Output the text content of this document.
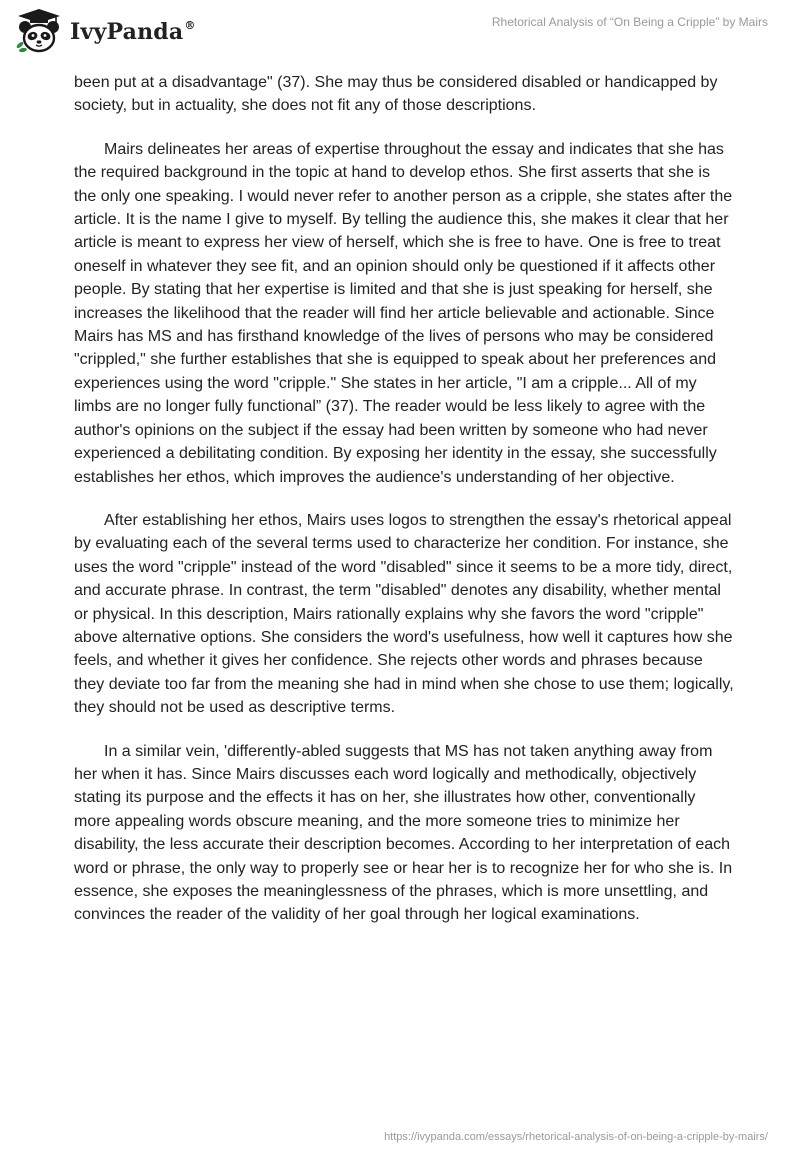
IvyPanda®	Rhetorical Analysis of “On Being a Cripple” by Mairs

been put at a disadvantage" (37). She may thus be considered disabled or handicapped by society, but in actuality, she does not fit any of those descriptions.

Mairs delineates her areas of expertise throughout the essay and indicates that she has the required background in the topic at hand to develop ethos. She first asserts that she is the only one speaking. I would never refer to another person as a cripple, she states after the article. It is the name I give to myself. By telling the audience this, she makes it clear that her article is meant to express her view of herself, which she is free to have. One is free to treat oneself in whatever they see fit, and an opinion should only be questioned if it affects other people. By stating that her expertise is limited and that she is just speaking for herself, she increases the likelihood that the reader will find her article believable and actionable. Since Mairs has MS and has firsthand knowledge of the lives of persons who may be considered "crippled," she further establishes that she is equipped to speak about her preferences and experiences using the word "cripple." She states in her article, "I am a cripple... All of my limbs are no longer fully functional” (37). The reader would be less likely to agree with the author's opinions on the subject if the essay had been written by someone who had never experienced a debilitating condition. By exposing her identity in the essay, she successfully establishes her ethos, which improves the audience's understanding of her objective.

After establishing her ethos, Mairs uses logos to strengthen the essay's rhetorical appeal by evaluating each of the several terms used to characterize her condition. For instance, she uses the word "cripple" instead of the word "disabled" since it seems to be a more tidy, direct, and accurate phrase. In contrast, the term "disabled" denotes any disability, whether mental or physical. In this description, Mairs rationally explains why she favors the word "cripple" above alternative options. She considers the word's usefulness, how well it captures how she feels, and whether it gives her confidence. She rejects other words and phrases because they deviate too far from the meaning she had in mind when she chose to use them; logically, they should not be used as descriptive terms.

In a similar vein, 'differently-abled suggests that MS has not taken anything away from her when it has. Since Mairs discusses each word logically and methodically, objectively stating its purpose and the effects it has on her, she illustrates how other, conventionally more appealing words obscure meaning, and the more someone tries to minimize her disability, the less accurate their description becomes. According to her interpretation of each word or phrase, the only way to properly see or hear her is to recognize her for who she is. In essence, she exposes the meaninglessness of the phrases, which is more unsettling, and convinces the reader of the validity of her goal through her logical examinations.

https://ivypanda.com/essays/rhetorical-analysis-of-on-being-a-cripple-by-mairs/
